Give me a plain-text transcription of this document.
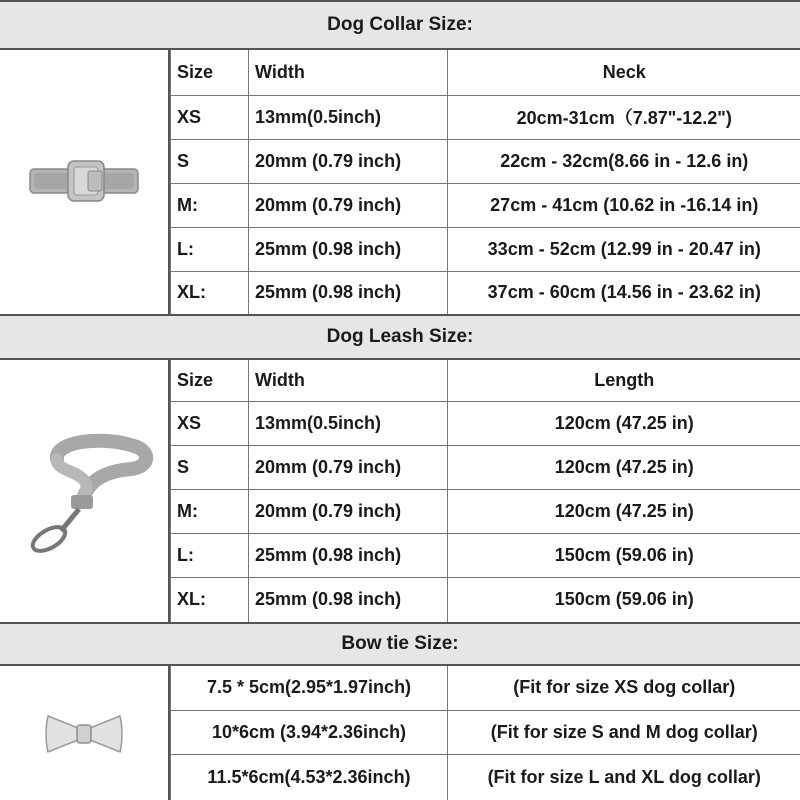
Dog Collar Size:
Size	Width	Neck
XS	13mm(0.5inch)	20cm-31cm（7.87"-12.2")
S	20mm (0.79 inch)	22cm - 32cm(8.66 in - 12.6 in)
M:	20mm (0.79 inch)	27cm - 41cm (10.62 in -16.14 in)
L:	25mm (0.98 inch)	33cm - 52cm (12.99 in - 20.47 in)
XL:	25mm (0.98 inch)	37cm - 60cm (14.56 in - 23.62 in)
Dog Leash Size:
Size	Width	Length
XS	13mm(0.5inch)	120cm (47.25 in)
S	20mm (0.79 inch)	120cm (47.25 in)
M:	20mm (0.79 inch)	120cm (47.25 in)
L:	25mm (0.98 inch)	150cm (59.06 in)
XL:	25mm (0.98 inch)	150cm (59.06 in)
Bow tie Size:
7.5 * 5cm(2.95*1.97inch)	(Fit for size XS dog collar)
10*6cm (3.94*2.36inch)	(Fit for size S and M dog collar)
11.5*6cm(4.53*2.36inch)	(Fit for size L and XL dog collar)
